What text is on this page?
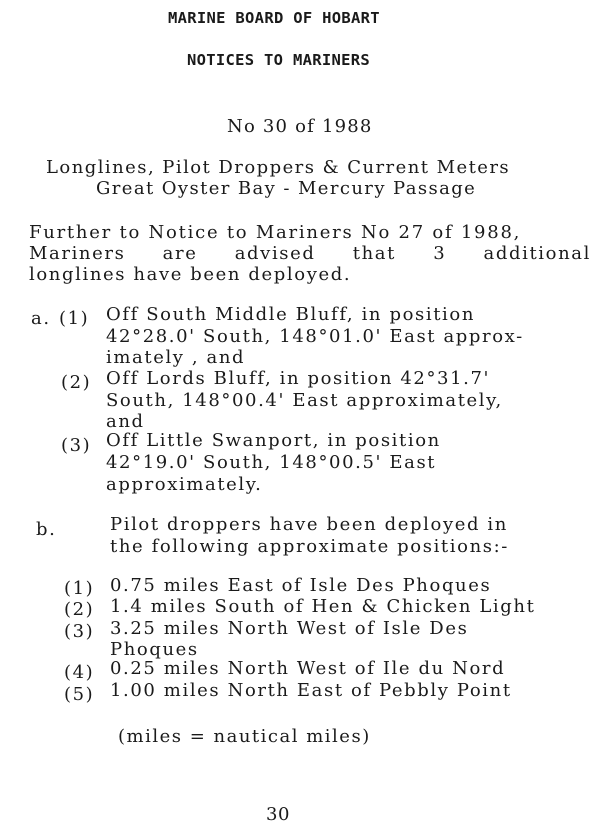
MARINE BOARD OF HOBART
NOTICES TO MARINERS
No 30 of 1988
Longlines, Pilot Droppers & Current Meters
Great Oyster Bay - Mercury Passage
Further to Notice to Mariners No 27 of 1988,
Mariners are advised that 3 additional
longlines have been deployed.
a. (1) Off South Middle Bluff, in position
42°28.0' South, 148°01.0' East approx-
imately , and
(2) Off Lords Bluff, in position 42°31.7'
South, 148°00.4' East approximately,
and
(3) Off Little Swanport, in position
42°19.0' South, 148°00.5' East
approximately.
b.	Pilot droppers have been deployed in
the following approximate positions:-
(1) 0.75 miles East of Isle Des Phoques
(2) 1.4 miles South of Hen & Chicken Light
(3) 3.25 miles North West of Isle Des
Phoques
(4) 0.25 miles North West of Ile du Nord
(5) 1.00 miles North East of Pebbly Point
(miles = nautical miles)
30
